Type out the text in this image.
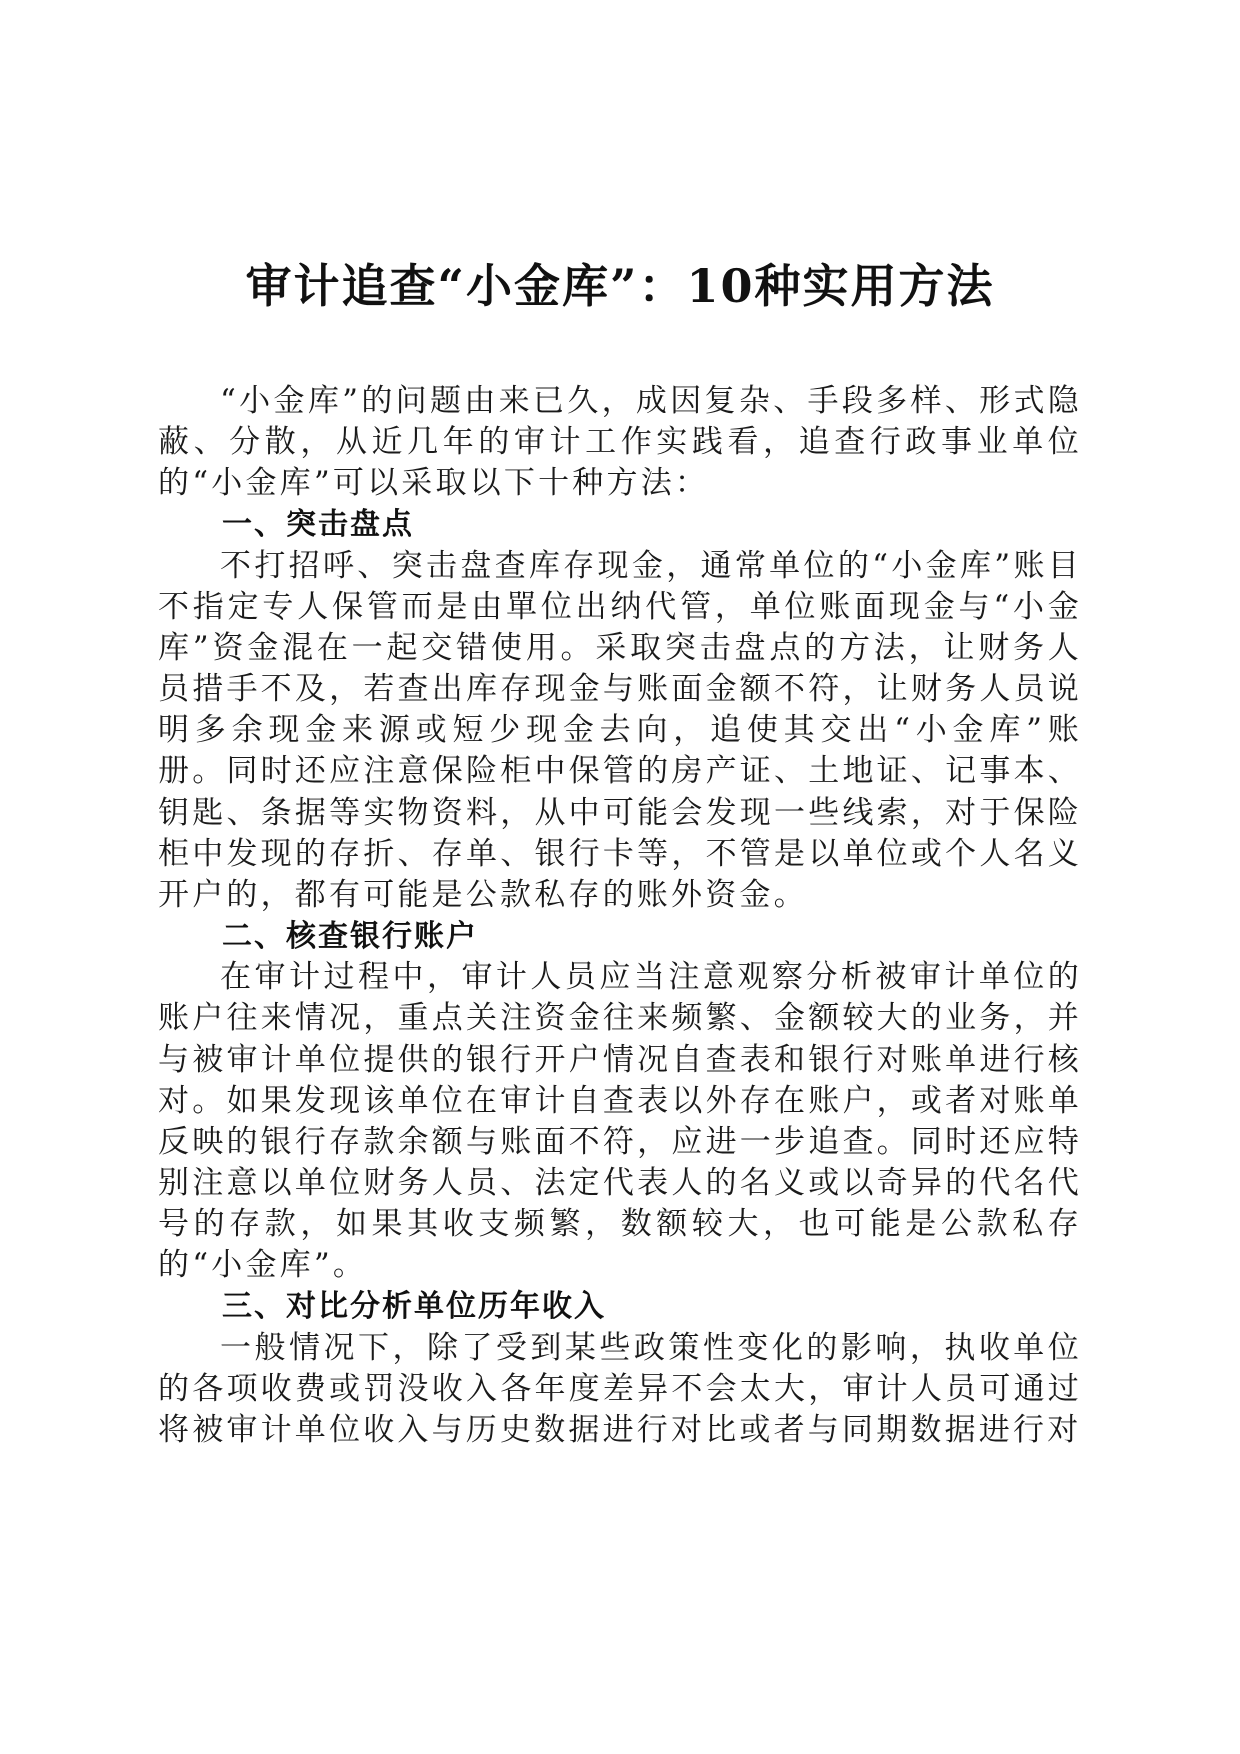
审计追查“小金库”：10种实用方法

“小金库”的问题由来已久，成因复杂、手段多样、形式隐蔽、分散，从近几年的审计工作实践看，追查行政事业单位的“小金库”可以采取以下十种方法：

一、突击盘点

不打招呼、突击盘查库存现金，通常单位的“小金库”账目不指定专人保管而是由單位出纳代管，单位账面现金与“小金库”资金混在一起交错使用。采取突击盘点的方法，让财务人员措手不及，若查出库存现金与账面金额不符，让财务人员说明多余现金来源或短少现金去向，追使其交出“小金库”账册。同时还应注意保险柜中保管的房产证、土地证、记事本、钥匙、条据等实物资料，从中可能会发现一些线索，对于保险柜中发现的存折、存单、银行卡等，不管是以单位或个人名义开户的，都有可能是公款私存的账外资金。

二、核查银行账户

在审计过程中，审计人员应当注意观察分析被审计单位的账户往来情况，重点关注资金往来频繁、金额较大的业务，并与被审计单位提供的银行开户情况自查表和银行对账单进行核对。如果发现该单位在审计自查表以外存在账户，或者对账单反映的银行存款余额与账面不符，应进一步追查。同时还应特别注意以单位财务人员、法定代表人的名义或以奇异的代名代号的存款，如果其收支频繁，数额较大，也可能是公款私存的“小金库”。

三、对比分析单位历年收入

一般情况下，除了受到某些政策性变化的影响，执收单位的各项收费或罚没收入各年度差异不会太大，审计人员可通过将被审计单位收入与历史数据进行对比或者与同期数据进行对
